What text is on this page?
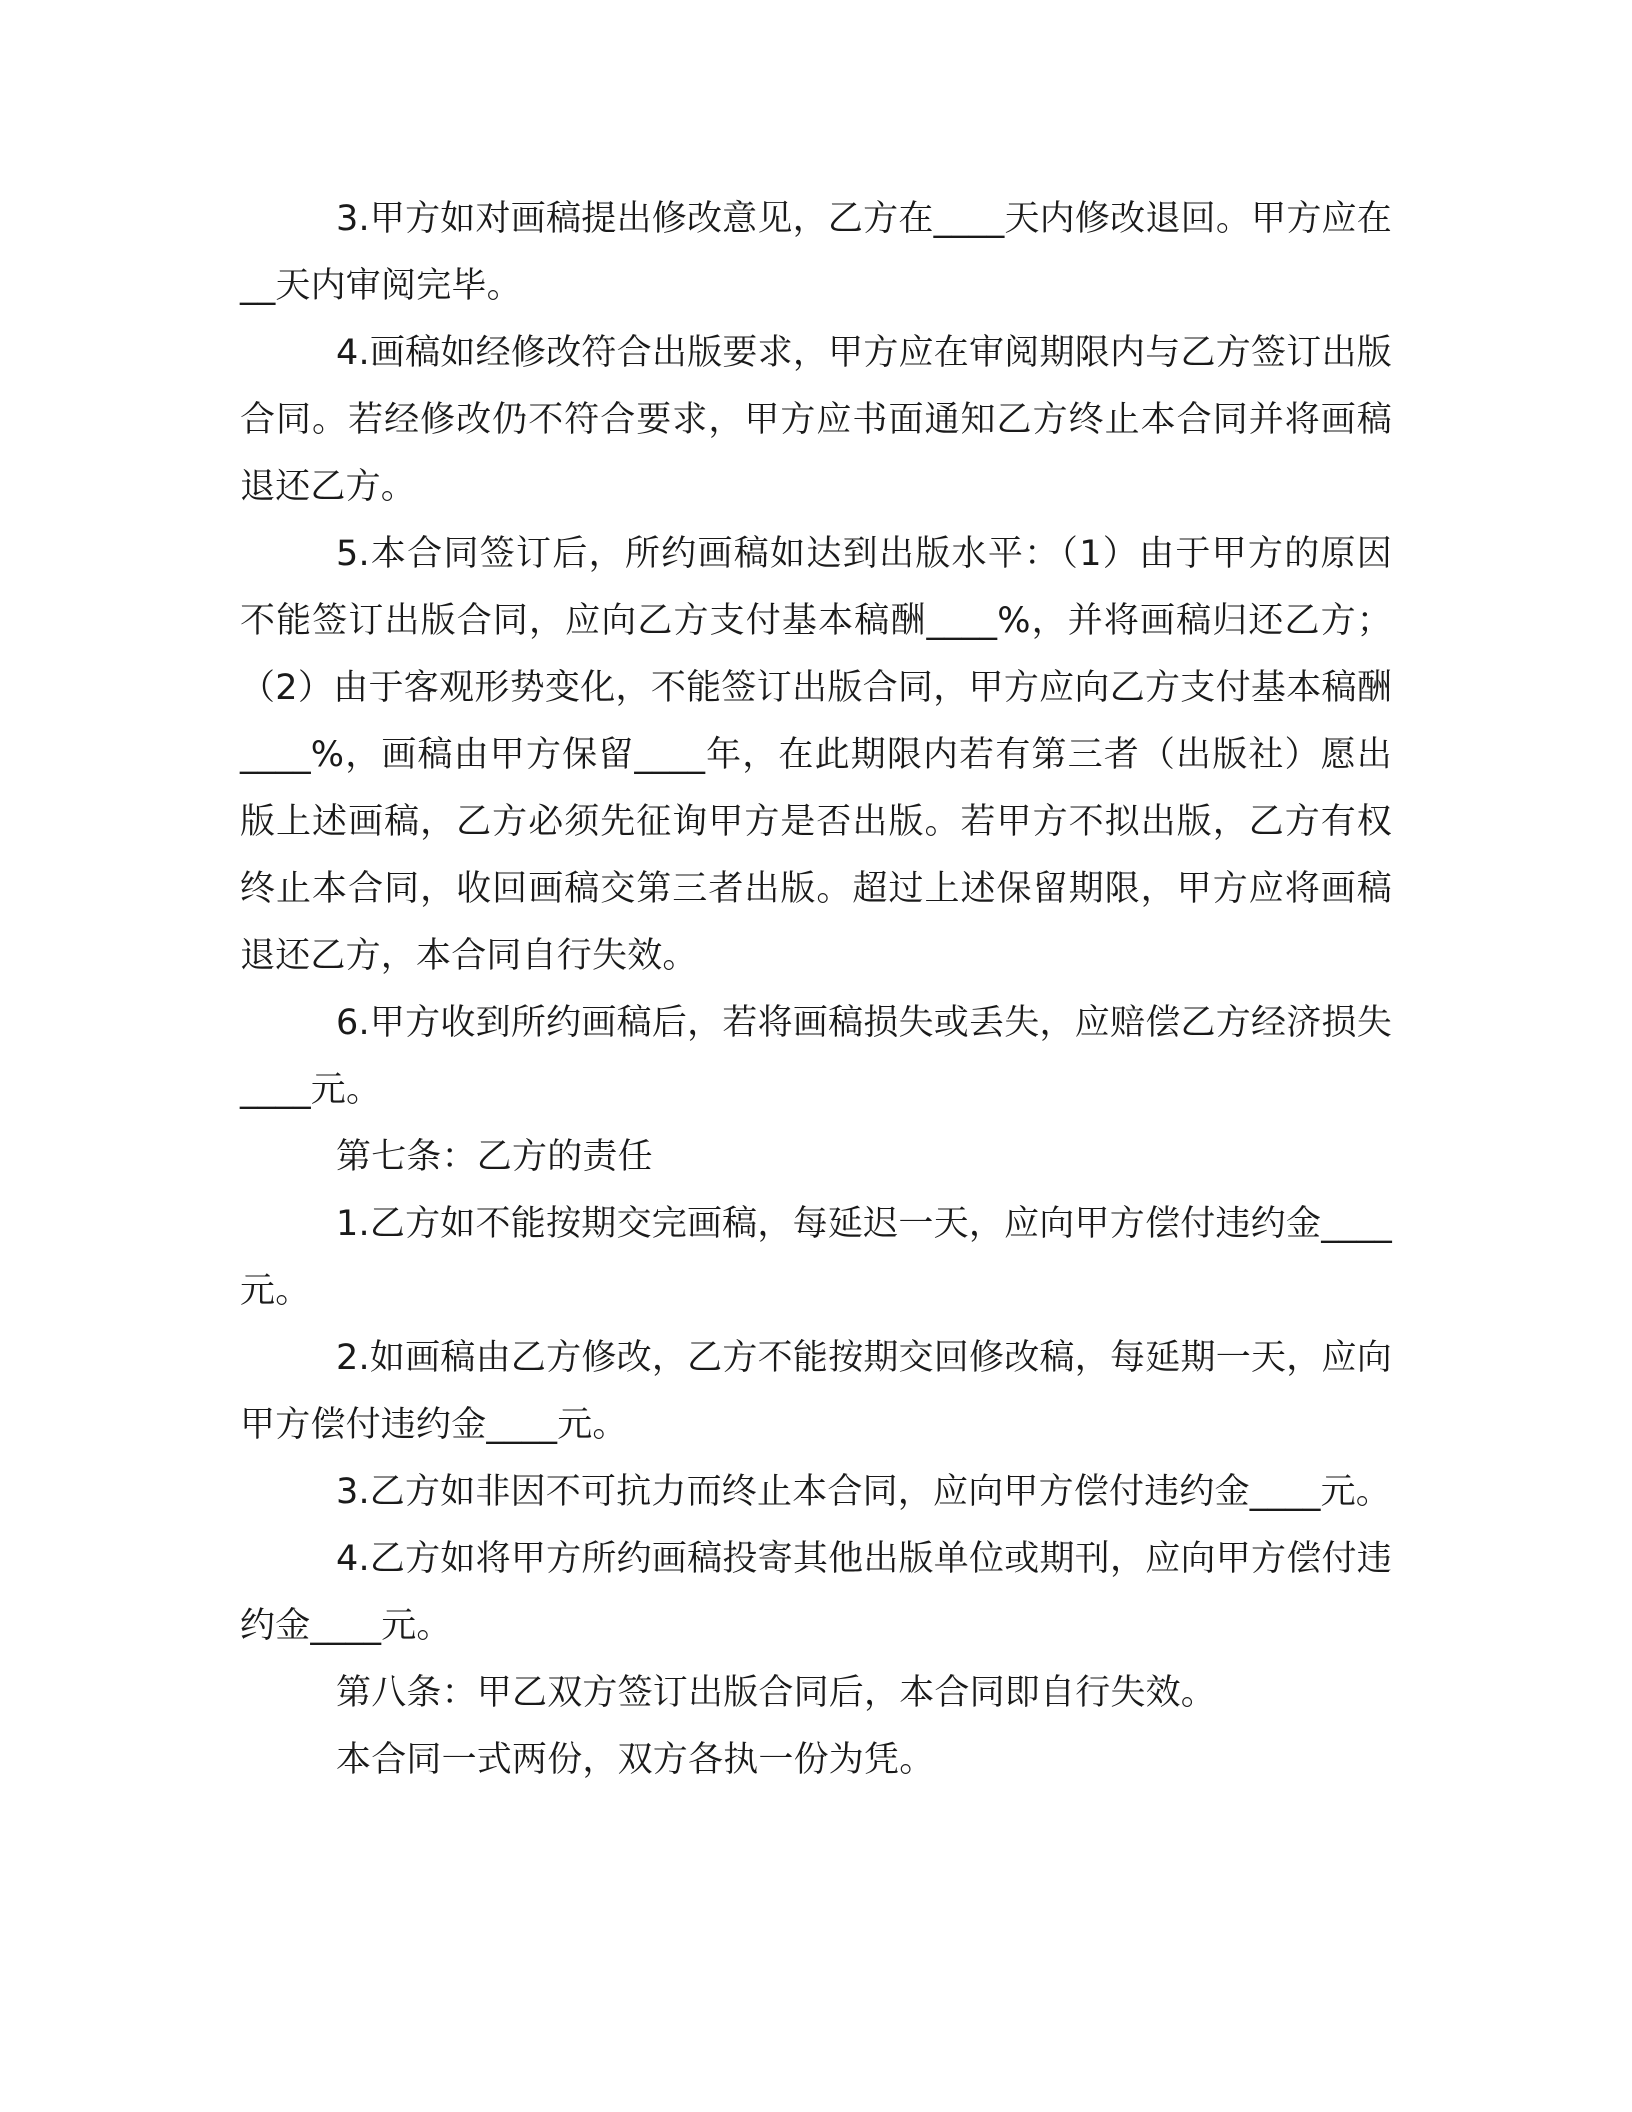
3.甲方如对画稿提出修改意见，乙方在____天内修改退回。甲方应在__天内审阅完毕。

4.画稿如经修改符合出版要求，甲方应在审阅期限内与乙方签订出版合同。若经修改仍不符合要求，甲方应书面通知乙方终止本合同并将画稿退还乙方。

5.本合同签订后，所约画稿如达到出版水平：（1）由于甲方的原因不能签订出版合同，应向乙方支付基本稿酬____%，并将画稿归还乙方；（2）由于客观形势变化，不能签订出版合同，甲方应向乙方支付基本稿酬____%，画稿由甲方保留____年，在此期限内若有第三者（出版社）愿出版上述画稿，乙方必须先征询甲方是否出版。若甲方不拟出版，乙方有权终止本合同，收回画稿交第三者出版。超过上述保留期限，甲方应将画稿退还乙方，本合同自行失效。

6.甲方收到所约画稿后，若将画稿损失或丢失，应赔偿乙方经济损失____元。

第七条：乙方的责任

1.乙方如不能按期交完画稿，每延迟一天，应向甲方偿付违约金____元。

2.如画稿由乙方修改，乙方不能按期交回修改稿，每延期一天，应向甲方偿付违约金____元。

3.乙方如非因不可抗力而终止本合同，应向甲方偿付违约金____元。

4.乙方如将甲方所约画稿投寄其他出版单位或期刊，应向甲方偿付违约金____元。

第八条：甲乙双方签订出版合同后，本合同即自行失效。

本合同一式两份，双方各执一份为凭。
